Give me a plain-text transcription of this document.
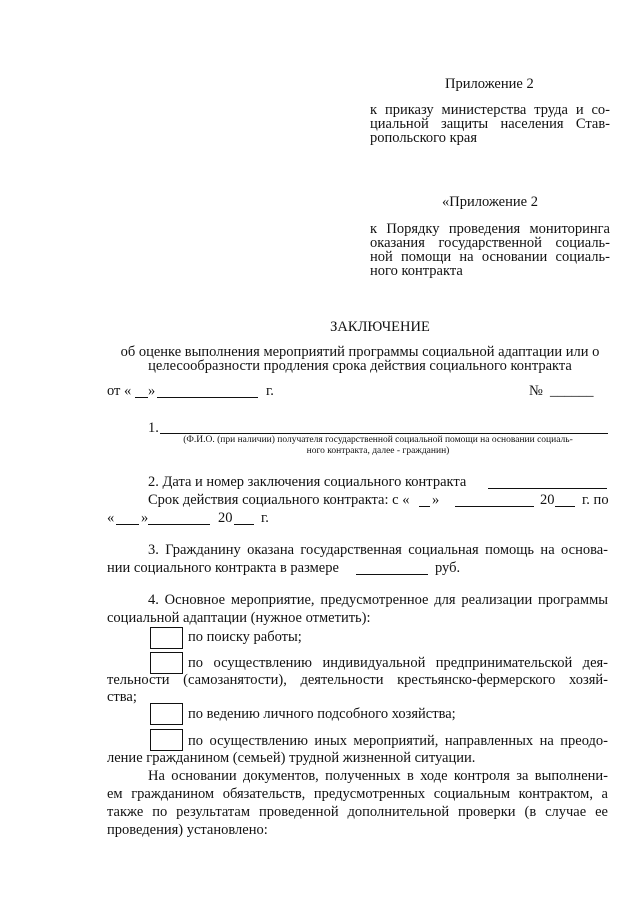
Приложение 2
к приказу министерства труда и со-
циальной защиты населения Став-
ропольского края
«Приложение 2
к Порядку проведения мониторинга
оказания государственной социаль-
ной помощи на основании социаль-
ного контракта
ЗАКЛЮЧЕНИЕ
об оценке выполнения мероприятий программы социальной адаптации или о
целесообразности продления срока действия социального контракта
от « »	г.	№ ______
1.
(Ф.И.О. (при наличии) получателя государственной социальной помощи на основании социаль-
ного контракта, далее - гражданин)
2. Дата и номер заключения социального контракта
Срок действия социального контракта: с « »	20 г. по
« »	20 г.
3. Гражданину оказана государственная социальная помощь на основа-
нии социального контракта в размере	руб.
4. Основное мероприятие, предусмотренное для реализации программы
социальной адаптации (нужное отметить):
по поиску работы;
по осуществлению индивидуальной предпринимательской дея-
тельности (самозанятости), деятельности крестьянско-фермерского хозяй-
ства;
по ведению личного подсобного хозяйства;
по осуществлению иных мероприятий, направленных на преодо-
ление гражданином (семьей) трудной жизненной ситуации.
На основании документов, полученных в ходе контроля за выполнени-
ем гражданином обязательств, предусмотренных социальным контрактом, а
также по результатам проведенной дополнительной проверки (в случае ее
проведения) установлено:
